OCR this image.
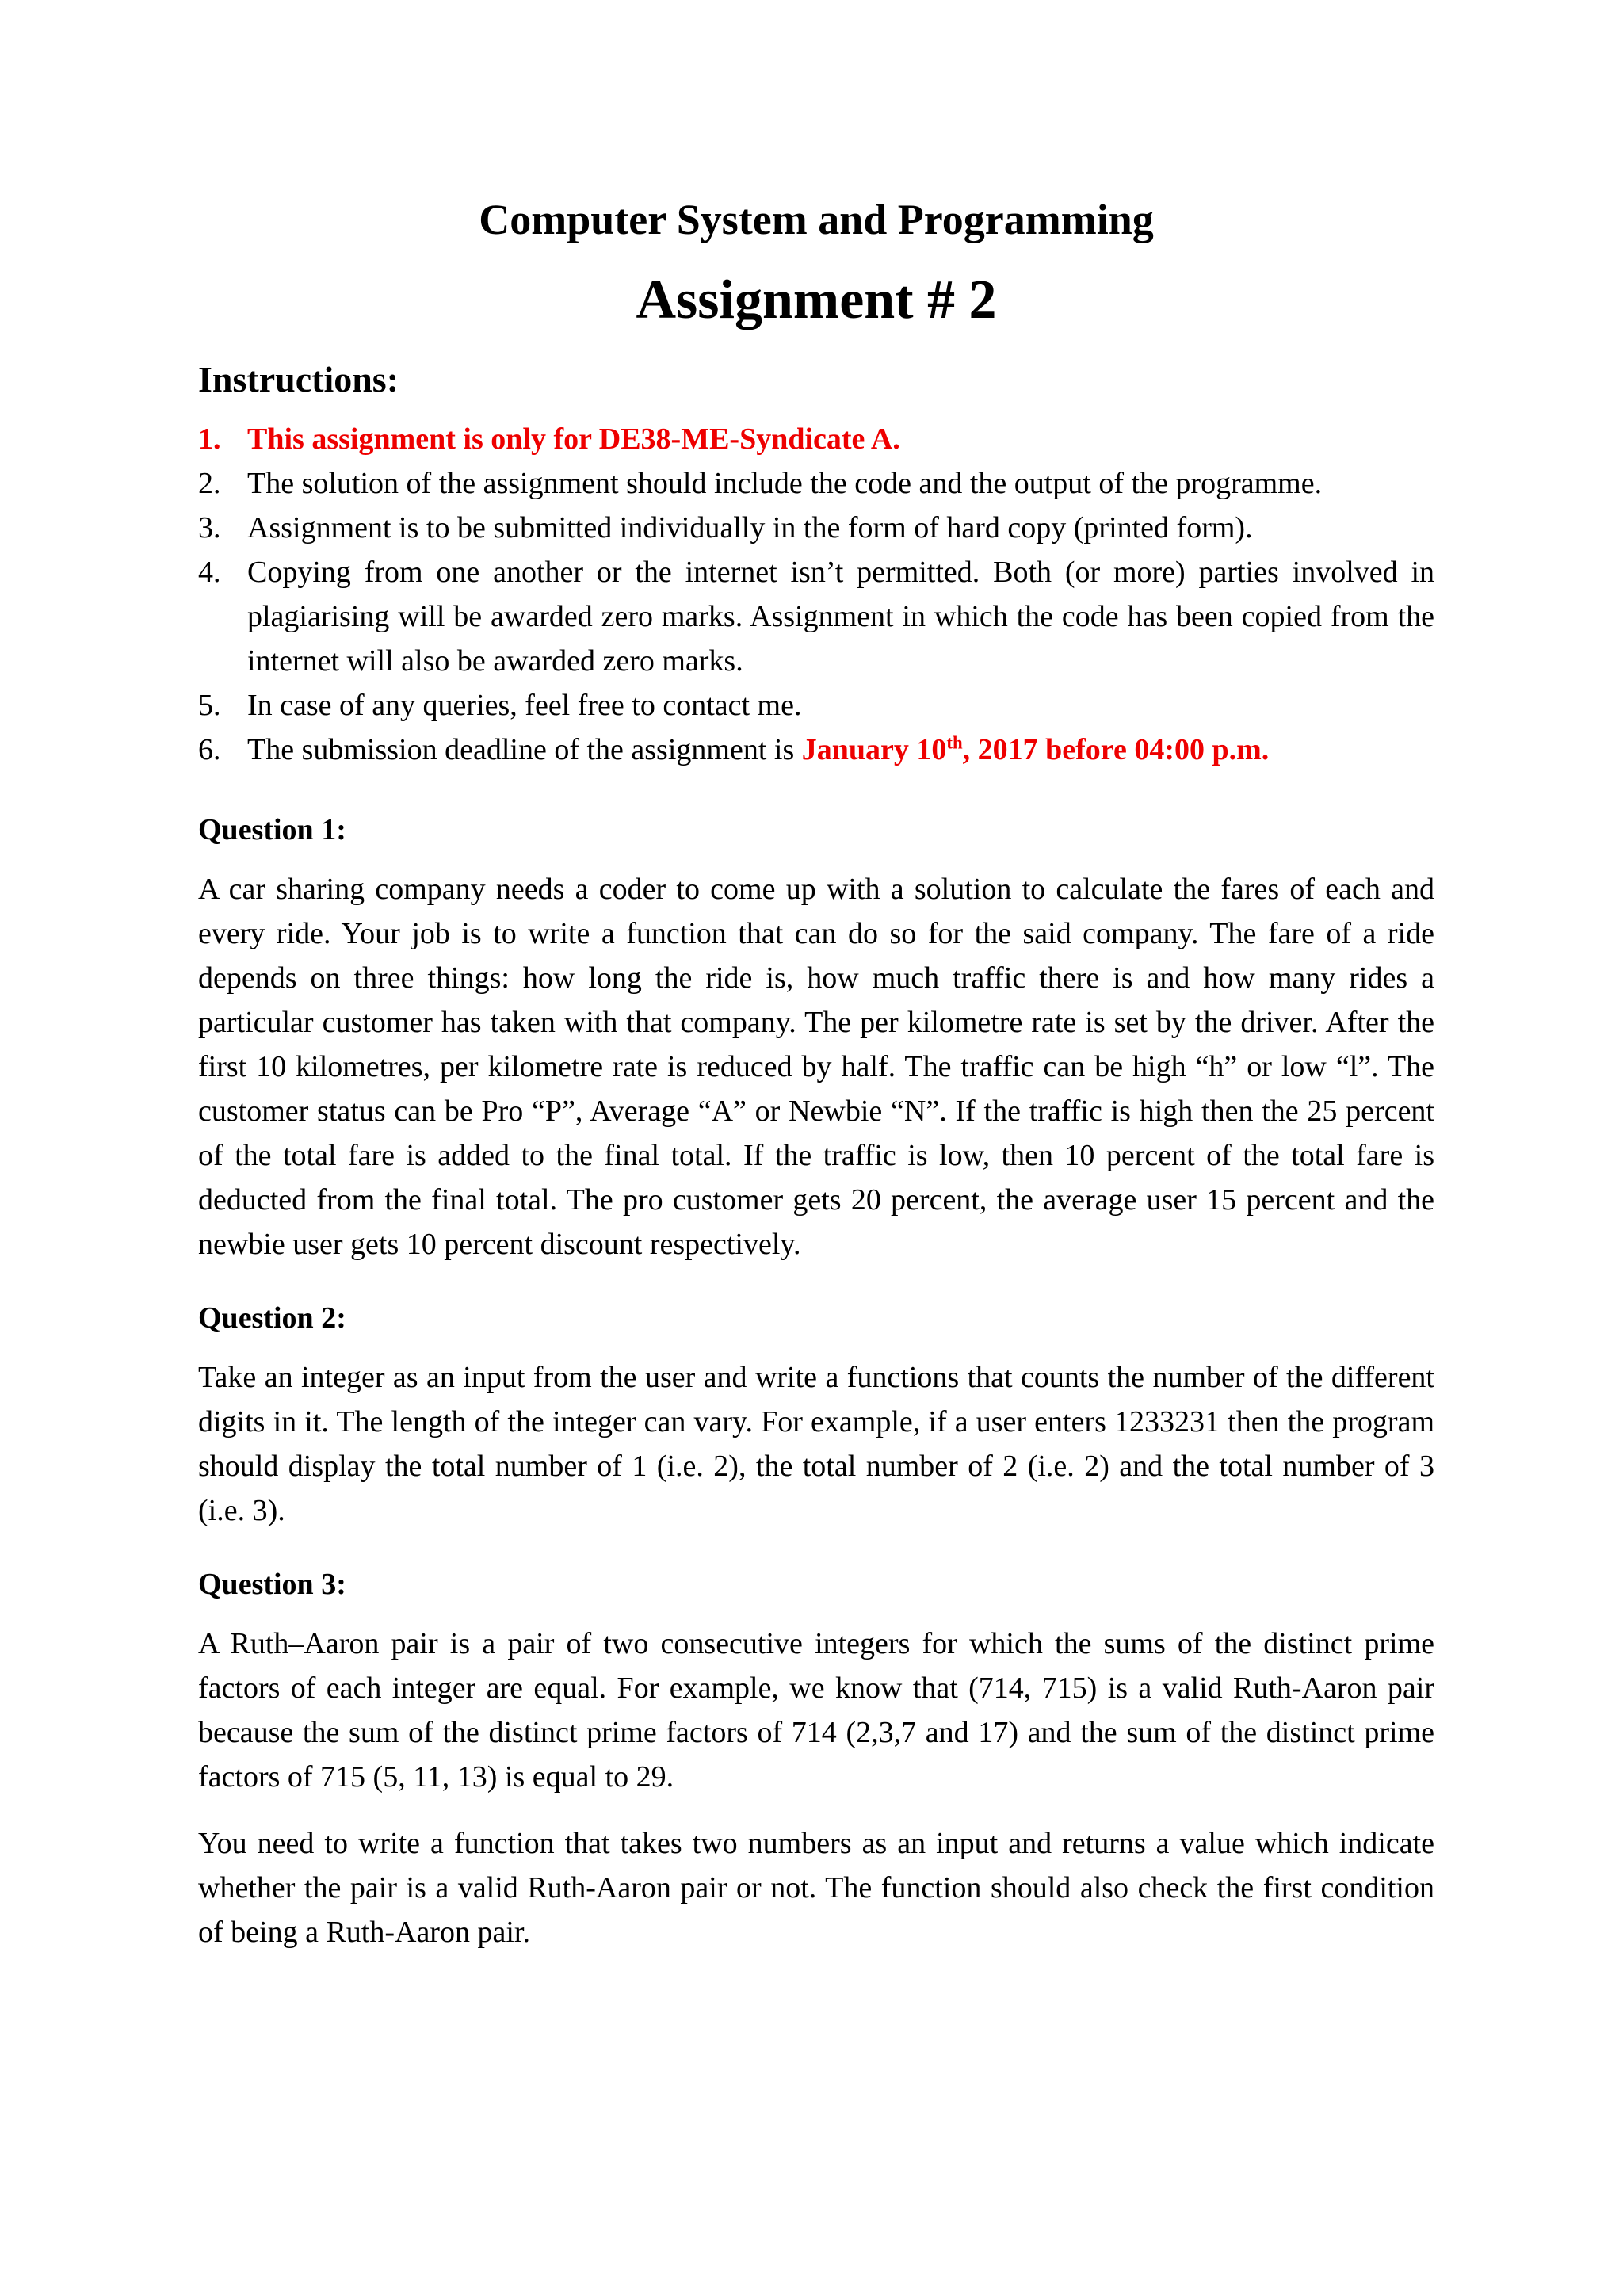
Computer System and Programming
Assignment # 2
Instructions:
1. This assignment is only for DE38-ME-Syndicate A.
2. The solution of the assignment should include the code and the output of the programme.
3. Assignment is to be submitted individually in the form of hard copy (printed form).
4. Copying from one another or the internet isn’t permitted. Both (or more) parties involved in plagiarising will be awarded zero marks. Assignment in which the code has been copied from the internet will also be awarded zero marks.
5. In case of any queries, feel free to contact me.
6. The submission deadline of the assignment is January 10th, 2017 before 04:00 p.m.
Question 1:

A car sharing company needs a coder to come up with a solution to calculate the fares of each and every ride. Your job is to write a function that can do so for the said company. The fare of a ride depends on three things: how long the ride is, how much traffic there is and how many rides a particular customer has taken with that company. The per kilometre rate is set by the driver. After the first 10 kilometres, per kilometre rate is reduced by half. The traffic can be high “h” or low “l”. The customer status can be Pro “P”, Average “A” or Newbie “N”. If the traffic is high then the 25 percent of the total fare is added to the final total. If the traffic is low, then 10 percent of the total fare is deducted from the final total. The pro customer gets 20 percent, the average user 15 percent and the newbie user gets 10 percent discount respectively.

Question 2:

Take an integer as an input from the user and write a functions that counts the number of the different digits in it. The length of the integer can vary. For example, if a user enters 1233231 then the program should display the total number of 1 (i.e. 2), the total number of 2 (i.e. 2) and the total number of 3 (i.e. 3).

Question 3:

A Ruth–Aaron pair is a pair of two consecutive integers for which the sums of the distinct prime factors of each integer are equal. For example, we know that (714, 715) is a valid Ruth-Aaron pair because the sum of the distinct prime factors of 714 (2,3,7 and 17) and the sum of the distinct prime factors of 715 (5, 11, 13) is equal to 29.

You need to write a function that takes two numbers as an input and returns a value which indicate whether the pair is a valid Ruth-Aaron pair or not. The function should also check the first condition of being a Ruth-Aaron pair.
